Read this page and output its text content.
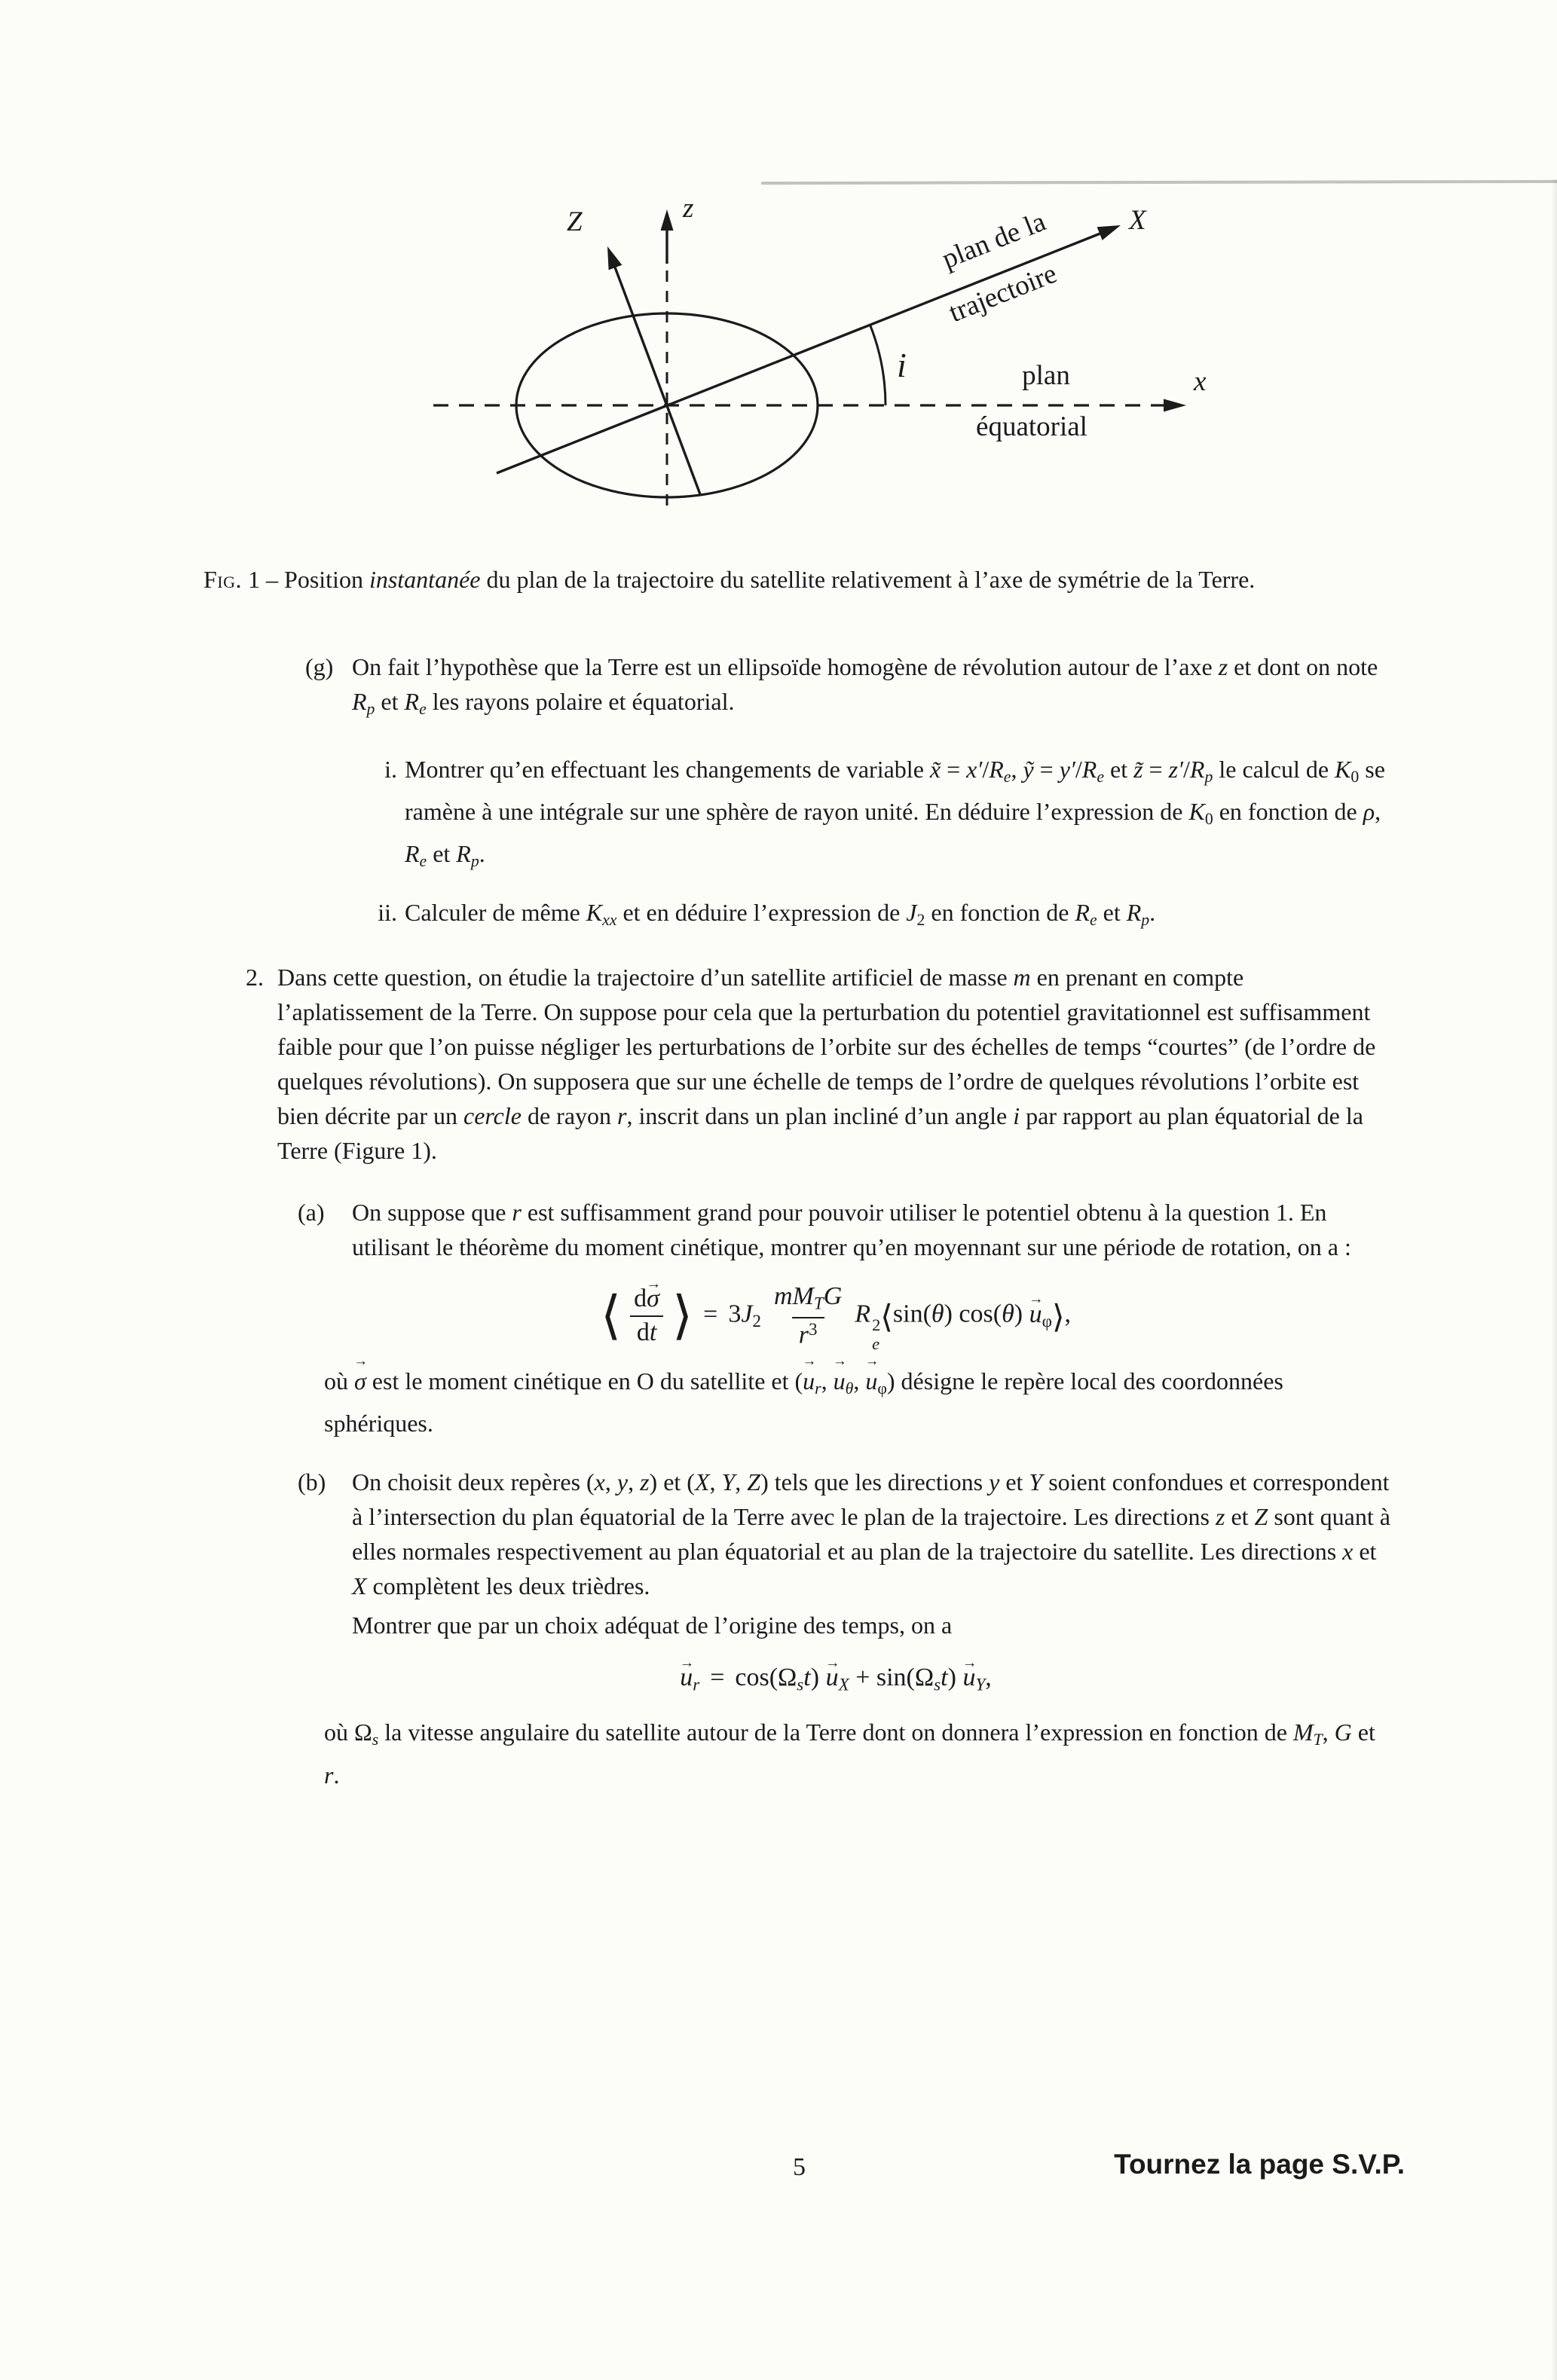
x
X
Z	z
i
plan de la
trajectoire
plan
équatorial

Fig. 1 – Position instantanée du plan de la trajectoire du satellite relativement à l’axe de symétrie de la Terre.

(g) On fait l’hypothèse que la Terre est un ellipsoïde homogène de révolution autour de l’axe z et dont on note $R_p$ et $R_e$ les rayons polaire et équatorial.
i. Montrer qu’en effectuant les changements de variable x̃ = $x'/R_e$, ỹ = $y'/R_e$ et z̃ = $z'/R_p$ le calcul de $K_0$ se ramène à une intégrale sur une sphère de rayon unité. En déduire l’expression de $K_0$ en fonction de ρ, $R_e$ et $R_p$.
ii. Calculer de même $K_{xx}$ et en déduire l’expression de $J_2$ en fonction de $R_e$ et $R_p$.
2. Dans cette question, on étudie la trajectoire d’un satellite artificiel de masse m en prenant en compte l’aplatissement de la Terre. On suppose pour cela que la perturbation du potentiel gravitationnel est suffisamment faible pour que l’on puisse négliger les perturbations de l’orbite sur des échelles de temps “courtes” (de l’ordre de quelques révolutions). On supposera que sur une échelle de temps de l’ordre de quelques révolutions l’orbite est bien décrite par un cercle de rayon r, inscrit dans un plan incliné d’un angle i par rapport au plan équatorial de la Terre (Figure 1).
(a)	On suppose que r est suffisamment grand pour pouvoir utiliser le potentiel obtenu à la question 1. En utilisant le théorème du moment cinétique, montrer qu’en moyennant sur une période de rotation, on a :
⟨ $\frac{d\sigma \to}{dt}$ ⟩ = $3J_2 \frac{mM_TG}{r^3}$ R 2
e
⟨sin(θ) cos(θ) $u \to_\varphi⟩$,

où σ → est le moment cinétique en O du satellite et ($u \to_r$, $u \to_\theta$, $u \to_\varphi$) désigne le repère local des coordonnées sphériques.

(b)	On choisit deux repères (x, y, z) et (X, Y, Z) tels que les directions y et Y soient confondues et correspondent à l’intersection du plan équatorial de la Terre avec le plan de la trajectoire. Les directions z et Z sont quant à elles normales respectivement au plan équatorial et au plan de la trajectoire du satellite. Les directions x et X complètent les deux trièdres.
Montrer que par un choix adéquat de l’origine des temps, on a
$u \to_r = \cos(\Omega_st)$ $u \to_X + \sin(\Omega_st)$ $u \to_Y$,

où $\Omega_s$ la vitesse angulaire du satellite autour de la Terre dont on donnera l’expression en fonction de $M_T$, G et r.

5	Tournez la page S.V.P.
